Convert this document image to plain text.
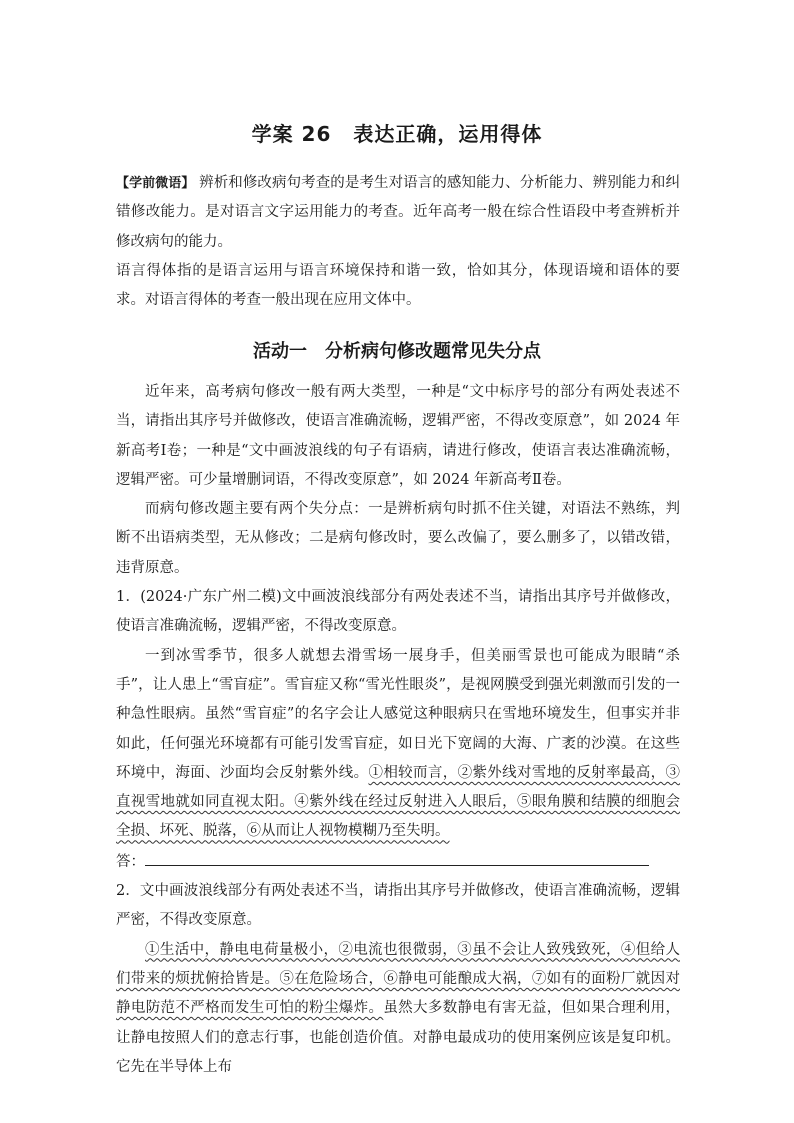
学案 26 表达正确，运用得体

【学前微语】 辨析和修改病句考查的是考生对语言的感知能力、分析能力、辨别能力和纠错修改能力。是对语言文字运用能力的考查。近年高考一般在综合性语段中考查辨析并修改病句的能力。

语言得体指的是语言运用与语言环境保持和谐一致，恰如其分，体现语境和语体的要求。对语言得体的考查一般出现在应用文体中。

活动一 分析病句修改题常见失分点

近年来，高考病句修改一般有两大类型，一种是“文中标序号的部分有两处表述不当，请指出其序号并做修改，使语言准确流畅，逻辑严密，不得改变原意”，如 2024 年新高考Ⅰ卷；一种是“文中画波浪线的句子有语病，请进行修改，使语言表达准确流畅，逻辑严密。可少量增删词语，不得改变原意”，如 2024 年新高考Ⅱ卷。

而病句修改题主要有两个失分点：一是辨析病句时抓不住关键，对语法不熟练，判断不出语病类型，无从修改；二是病句修改时，要么改偏了，要么删多了，以错改错，违背原意。

1．(2024·广东广州二模)文中画波浪线部分有两处表述不当，请指出其序号并做修改，使语言准确流畅，逻辑严密，不得改变原意。

一到冰雪季节，很多人就想去滑雪场一展身手，但美丽雪景也可能成为眼睛“杀手”，让人患上“雪盲症”。雪盲症又称“雪光性眼炎”，是视网膜受到强光刺激而引发的一种急性眼病。虽然“雪盲症”的名字会让人感觉这种眼病只在雪地环境发生，但事实并非如此，任何强光环境都有可能引发雪盲症，如日光下宽阔的大海、广袤的沙漠。在这些环境中，海面、沙面均会反射紫外线。①相较而言，②紫外线对雪地的反射率最高，③直视雪地就如同直视太阳。④紫外线在经过反射进入人眼后，⑤眼角膜和结膜的细胞会全损、坏死、脱落，⑥从而让人视物模糊乃至失明。

答：

2．文中画波浪线部分有两处表述不当，请指出其序号并做修改，使语言准确流畅，逻辑严密，不得改变原意。

①生活中，静电电荷量极小，②电流也很微弱，③虽不会让人致残致死，④但给人们带来的烦扰俯拾皆是。⑤在危险场合，⑥静电可能酿成大祸，⑦如有的面粉厂就因对静电防范不严格而发生可怕的粉尘爆炸。虽然大多数静电有害无益，但如果合理利用，让静电按照人们的意志行事，也能创造价值。对静电最成功的使用案例应该是复印机。它先在半导体上布
